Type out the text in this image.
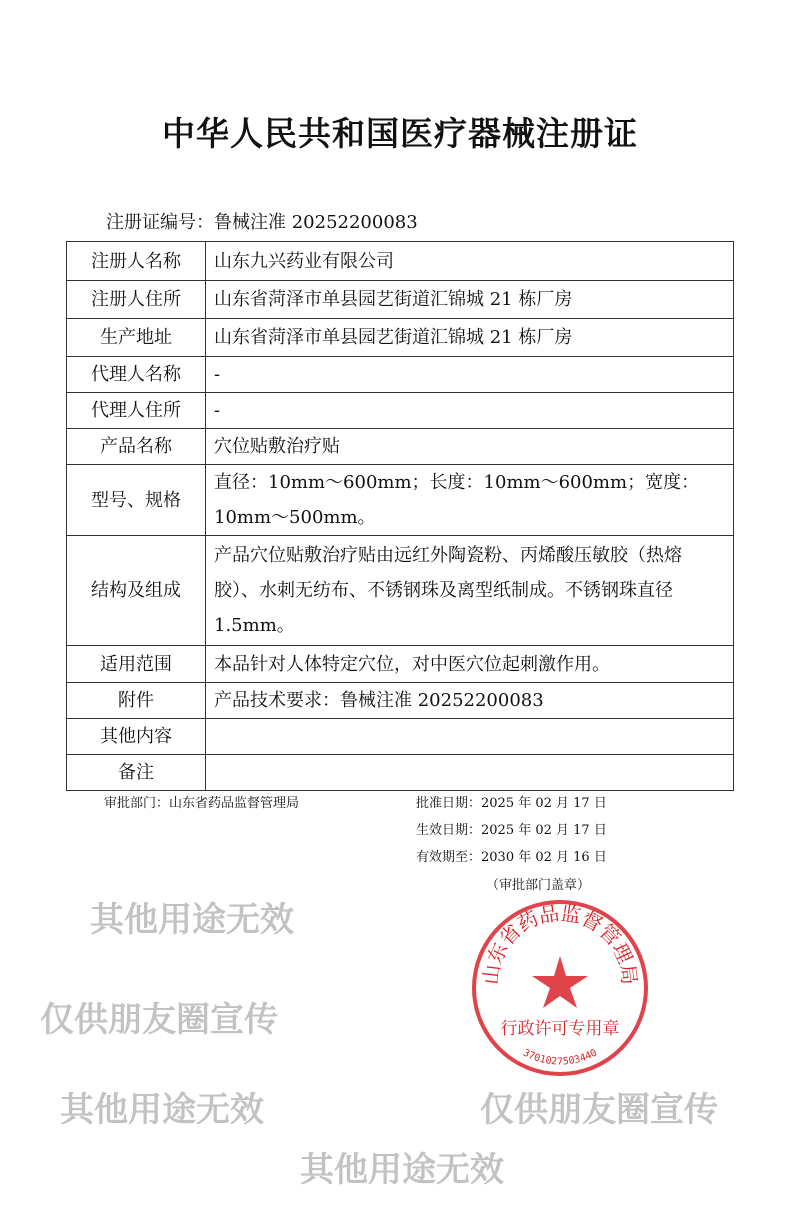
中华人民共和国医疗器械注册证
注册证编号：鲁械注准 20252200083
注册人名称	山东九兴药业有限公司
注册人住所	山东省菏泽市单县园艺街道汇锦城 21 栋厂房
生产地址	山东省菏泽市单县园艺街道汇锦城 21 栋厂房
代理人名称	-
代理人住所	-
产品名称	穴位贴敷治疗贴
型号、规格	直径：10mm～600mm；长度：10mm～600mm；宽度：10mm～500mm。
结构及组成	产品穴位贴敷治疗贴由远红外陶瓷粉、丙烯酸压敏胶（热熔胶）、水刺无纺布、不锈钢珠及离型纸制成。不锈钢珠直径 1.5mm。
适用范围	本品针对人体特定穴位，对中医穴位起刺激作用。
附件	产品技术要求：鲁械注准 20252200083
其他内容	
备注	
审批部门：山东省药品监督管理局	批准日期：2025 年 02 月 17 日
生效日期：2025 年 02 月 17 日
有效期至：2030 年 02 月 16 日
（审批部门盖章）
山东省药品监督管理局
行政许可专用章
3701027503440
其他用途无效
仅供朋友圈宣传
其他用途无效	仅供朋友圈宣传
其他用途无效
